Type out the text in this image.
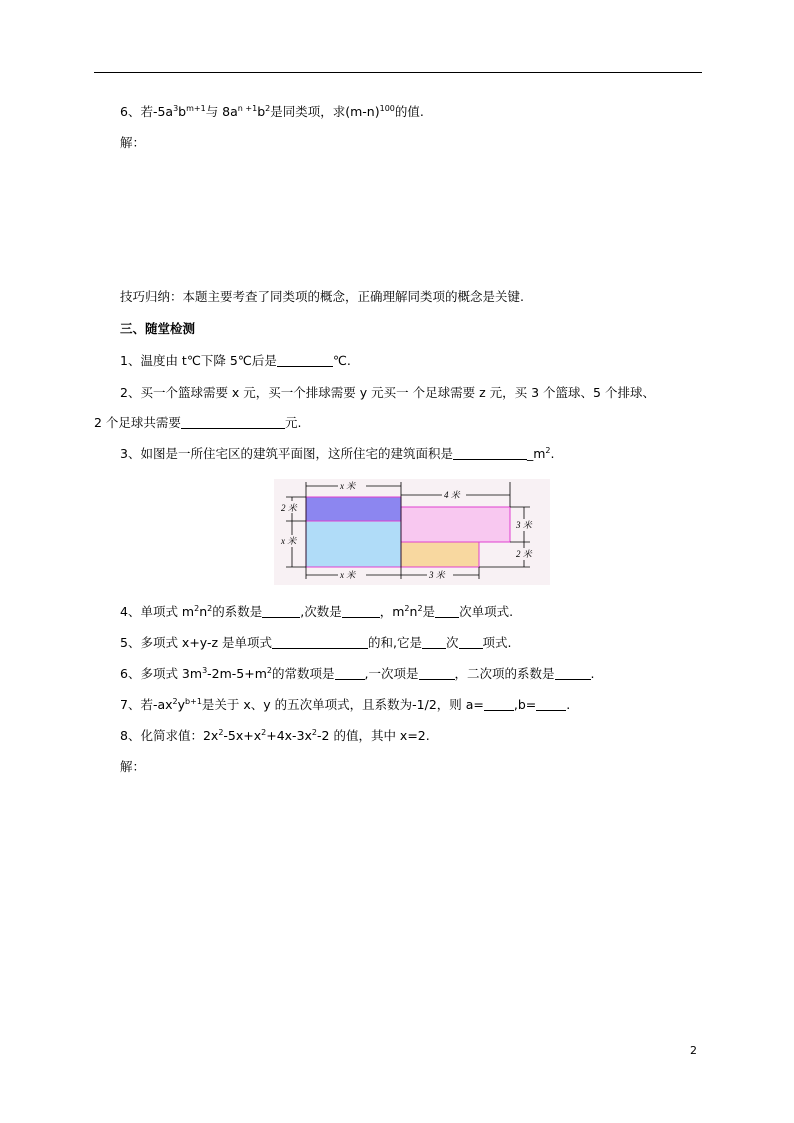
6、若$-5a^3b^{m+1}$与 $8a^{n +1}b^2$是同类项，求$(m-n)^{100}$的值.
解：
技巧归纳：本题主要考查了同类项的概念，正确理解同类项的概念是关键.
三、随堂检测
1、温度由 t℃下降 5℃后是	℃.
2、买一个篮球需要 x 元，买一个排球需要 y 元买一 个足球需要 z 元，买 3 个篮球、5 个排球、
2 个足球共需要	元.
3、如图是一所住宅区的建筑平面图，这所住宅的建筑面积是	$\_m^2$.
x 米
4 米
2 米
x 米
3 米
2 米
x 米	3 米
4、单项式 $m^2n^2$的系数是	,次数是	，$m^2n^2$是 次单项式.
5、多项式 x+y-z 是单项式	的和,它是 次 项式.
6、多项式 $3m^3-2m-5+m^2$的常数项是 ,一次项是	，二次项的系数是	.
7、若$-ax^2y^{b+1}$是关于 x、y 的五次单项式，且系数为-1/2，则 a= ,b= .
8、化简求值：$2x^2-5x+x^2+4x-3x^2-2$ 的值，其中 x=2.
解：
2
